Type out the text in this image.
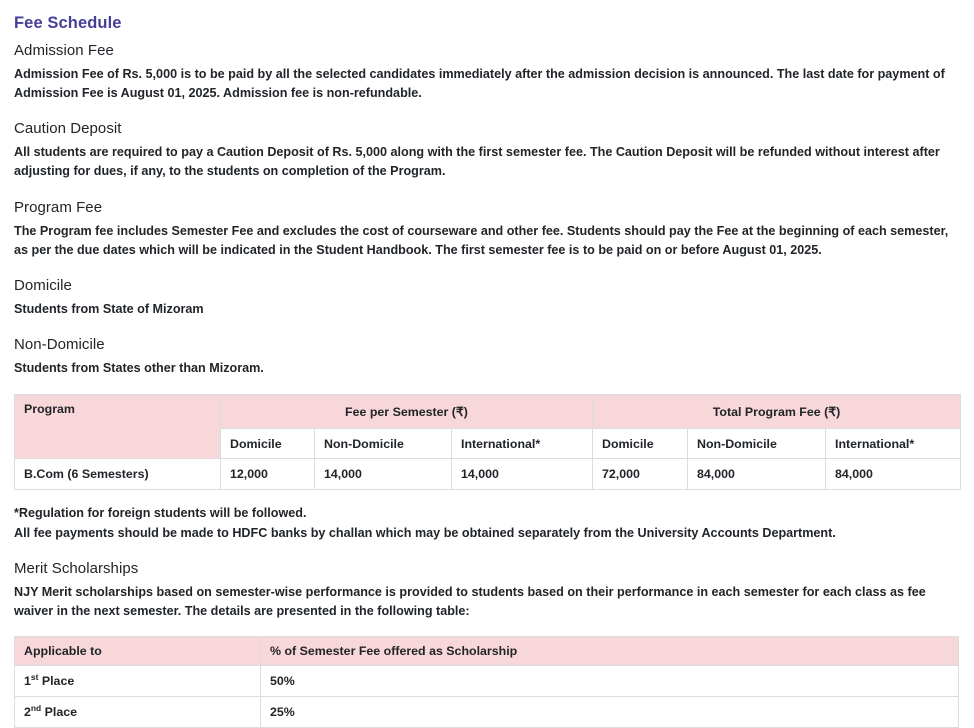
Fee Schedule
Admission Fee

Admission Fee of Rs. 5,000 is to be paid by all the selected candidates immediately after the admission decision is announced. The last date for payment of Admission Fee is August 01, 2025. Admission fee is non-refundable.

Caution Deposit

All students are required to pay a Caution Deposit of Rs. 5,000 along with the first semester fee. The Caution Deposit will be refunded without interest after adjusting for dues, if any, to the students on completion of the Program.

Program Fee

The Program fee includes Semester Fee and excludes the cost of courseware and other fee. Students should pay the Fee at the beginning of each semester, as per the due dates which will be indicated in the Student Handbook. The first semester fee is to be paid on or before August 01, 2025.

Domicile

Students from State of Mizoram

Non-Domicile

Students from States other than Mizoram.

Program	Fee per Semester (₹)			Total Program Fee (₹)		
	Domicile	Non-Domicile	International*	Domicile	Non-Domicile	International*
B.Com (6 Semesters)	12,000	14,000	14,000	72,000	84,000	84,000

*Regulation for foreign students will be followed.

All fee payments should be made to HDFC banks by challan which may be obtained separately from the University Accounts Department.

Merit Scholarships

NJY Merit scholarships based on semester-wise performance is provided to students based on their performance in each semester for each class as fee waiver in the next semester. The details are presented in the following table:

Applicable to	% of Semester Fee offered as Scholarship
1st Place	50%
2nd Place	25%
